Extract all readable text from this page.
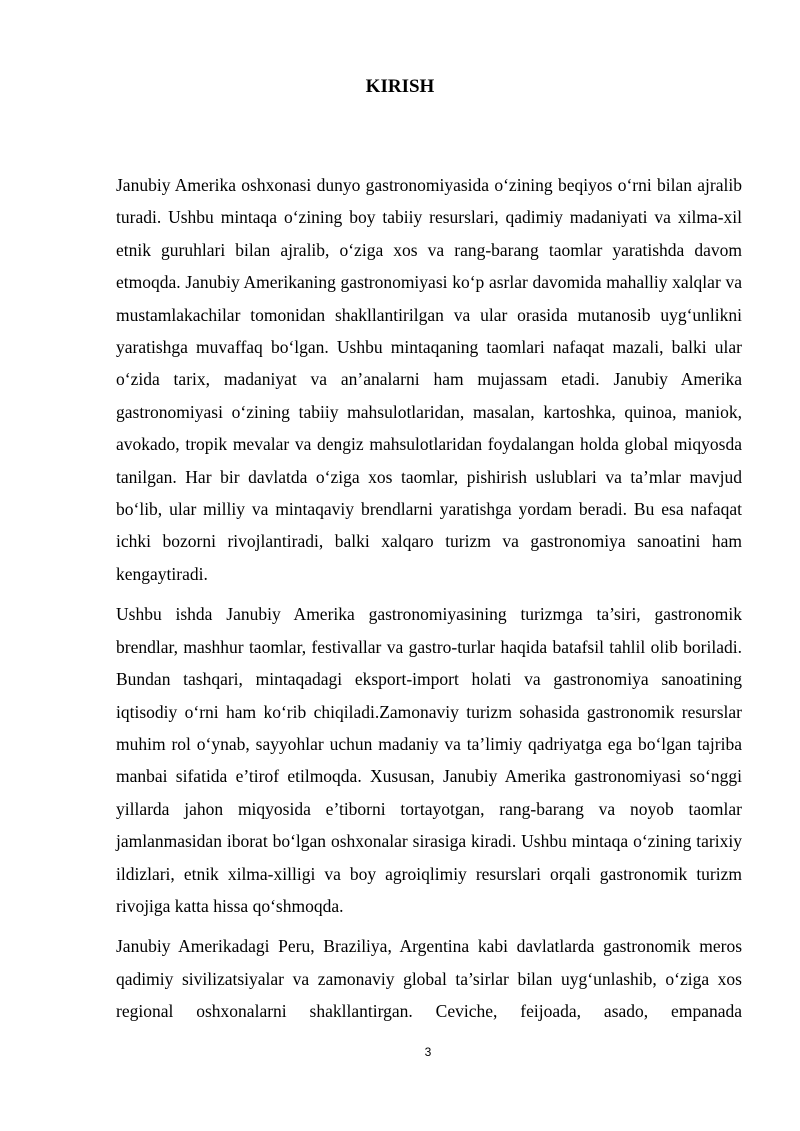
KIRISH

Janubiy Amerika oshxonasi dunyo gastronomiyasida o‘zining beqiyos o‘rni bilan ajralib turadi. Ushbu mintaqa o‘zining boy tabiiy resurslari, qadimiy madaniyati va xilma-xil etnik guruhlari bilan ajralib, o‘ziga xos va rang-barang taomlar yaratishda davom etmoqda. Janubiy Amerikaning gastronomiyasi ko‘p asrlar davomida mahalliy xalqlar va mustamlakachilar tomonidan shakllantirilgan va ular orasida mutanosib uyg‘unlikni yaratishga muvaffaq bo‘lgan. Ushbu mintaqaning taomlari nafaqat mazali, balki ular o‘zida tarix, madaniyat va an’analarni ham mujassam etadi. Janubiy Amerika gastronomiyasi o‘zining tabiiy mahsulotlaridan, masalan, kartoshka, quinoa, maniok, avokado, tropik mevalar va dengiz mahsulotlaridan foydalangan holda global miqyosda tanilgan. Har bir davlatda o‘ziga xos taomlar, pishirish uslublari va ta’mlar mavjud bo‘lib, ular milliy va mintaqaviy brendlarni yaratishga yordam beradi. Bu esa nafaqat ichki bozorni rivojlantiradi, balki xalqaro turizm va gastronomiya sanoatini ham kengaytiradi.

Ushbu ishda Janubiy Amerika gastronomiyasining turizmga ta’siri, gastronomik brendlar, mashhur taomlar, festivallar va gastro-turlar haqida batafsil tahlil olib boriladi. Bundan tashqari, mintaqadagi eksport-import holati va gastronomiya sanoatining iqtisodiy o‘rni ham ko‘rib chiqiladi.Zamonaviy turizm sohasida gastronomik resurslar muhim rol o‘ynab, sayyohlar uchun madaniy va ta’limiy qadriyatga ega bo‘lgan tajriba manbai sifatida e’tirof etilmoqda. Xususan, Janubiy Amerika gastronomiyasi so‘nggi yillarda jahon miqyosida e’tiborni tortayotgan, rang-barang va noyob taomlar jamlanmasidan iborat bo‘lgan oshxonalar sirasiga kiradi. Ushbu mintaqa o‘zining tarixiy ildizlari, etnik xilma-xilligi va boy agroiqlimiy resurslari orqali gastronomik turizm rivojiga katta hissa qo‘shmoqda.

Janubiy Amerikadagi Peru, Braziliya, Argentina kabi davlatlarda gastronomik meros qadimiy sivilizatsiyalar va zamonaviy global ta’sirlar bilan uyg‘unlashib, o‘ziga xos regional oshxonalarni shakllantirgan. Ceviche, feijoada, asado, empanada

3
